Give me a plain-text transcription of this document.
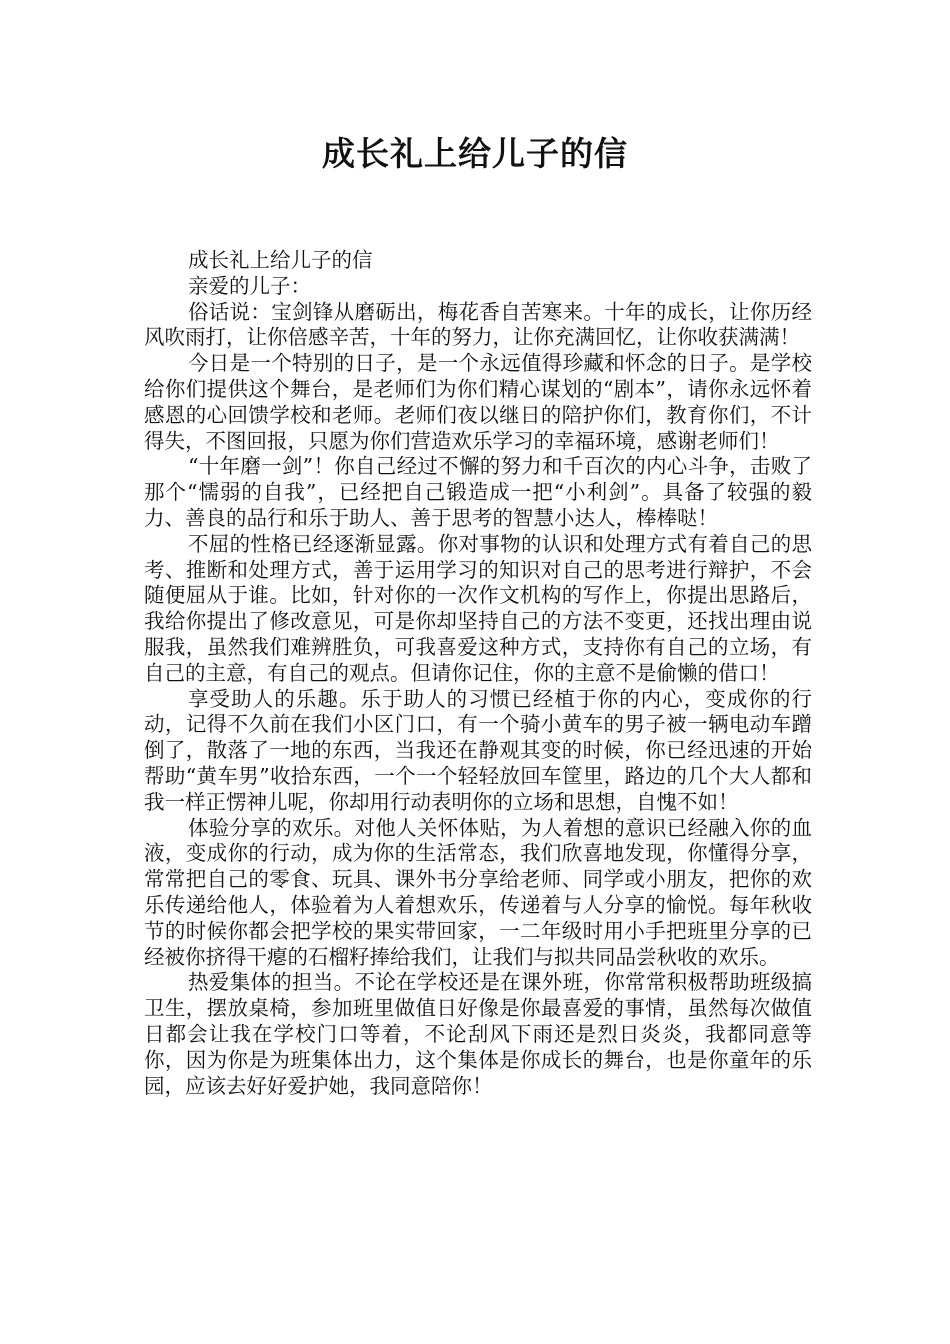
成长礼上给儿子的信

成长礼上给儿子的信

亲爱的儿子：

俗话说：宝剑锋从磨砺出，梅花香自苦寒来。十年的成长，让你历经风吹雨打，让你倍感辛苦，十年的努力，让你充满回忆，让你收获满满！

今日是一个特别的日子，是一个永远值得珍藏和怀念的日子。是学校给你们提供这个舞台，是老师们为你们精心谋划的“剧本”，请你永远怀着感恩的心回馈学校和老师。老师们夜以继日的陪护你们，教育你们，不计得失，不图回报，只愿为你们营造欢乐学习的幸福环境，感谢老师们！

“十年磨一剑”！你自己经过不懈的努力和千百次的内心斗争，击败了那个“懦弱的自我”，已经把自己锻造成一把“小利剑”。具备了较强的毅力、善良的品行和乐于助人、善于思考的智慧小达人，棒棒哒！

不屈的性格已经逐渐显露。你对事物的认识和处理方式有着自己的思考、推断和处理方式，善于运用学习的知识对自己的思考进行辩护，不会随便屈从于谁。比如，针对你的一次作文机构的写作上，你提出思路后，我给你提出了修改意见，可是你却坚持自己的方法不变更，还找出理由说服我，虽然我们难辨胜负，可我喜爱这种方式，支持你有自己的立场，有自己的主意，有自己的观点。但请你记住，你的主意不是偷懒的借口！

享受助人的乐趣。乐于助人的习惯已经植于你的内心，变成你的行动，记得不久前在我们小区门口，有一个骑小黄车的男子被一辆电动车蹭倒了，散落了一地的东西，当我还在静观其变的时候，你已经迅速的开始帮助“黄车男”收拾东西，一个一个轻轻放回车筐里，路边的几个大人都和我一样正愣神儿呢，你却用行动表明你的立场和思想，自愧不如！

体验分享的欢乐。对他人关怀体贴，为人着想的意识已经融入你的血液，变成你的行动，成为你的生活常态，我们欣喜地发现，你懂得分享，常常把自己的零食、玩具、课外书分享给老师、同学或小朋友，把你的欢乐传递给他人，体验着为人着想欢乐，传递着与人分享的愉悦。每年秋收节的时候你都会把学校的果实带回家，一二年级时用小手把班里分享的已经被你挤得干瘪的石榴籽捧给我们，让我们与拟共同品尝秋收的欢乐。

热爱集体的担当。不论在学校还是在课外班，你常常积极帮助班级搞卫生，摆放桌椅，参加班里做值日好像是你最喜爱的事情，虽然每次做值日都会让我在学校门口等着，不论刮风下雨还是烈日炎炎，我都同意等你，因为你是为班集体出力，这个集体是你成长的舞台，也是你童年的乐园，应该去好好爱护她，我同意陪你！
